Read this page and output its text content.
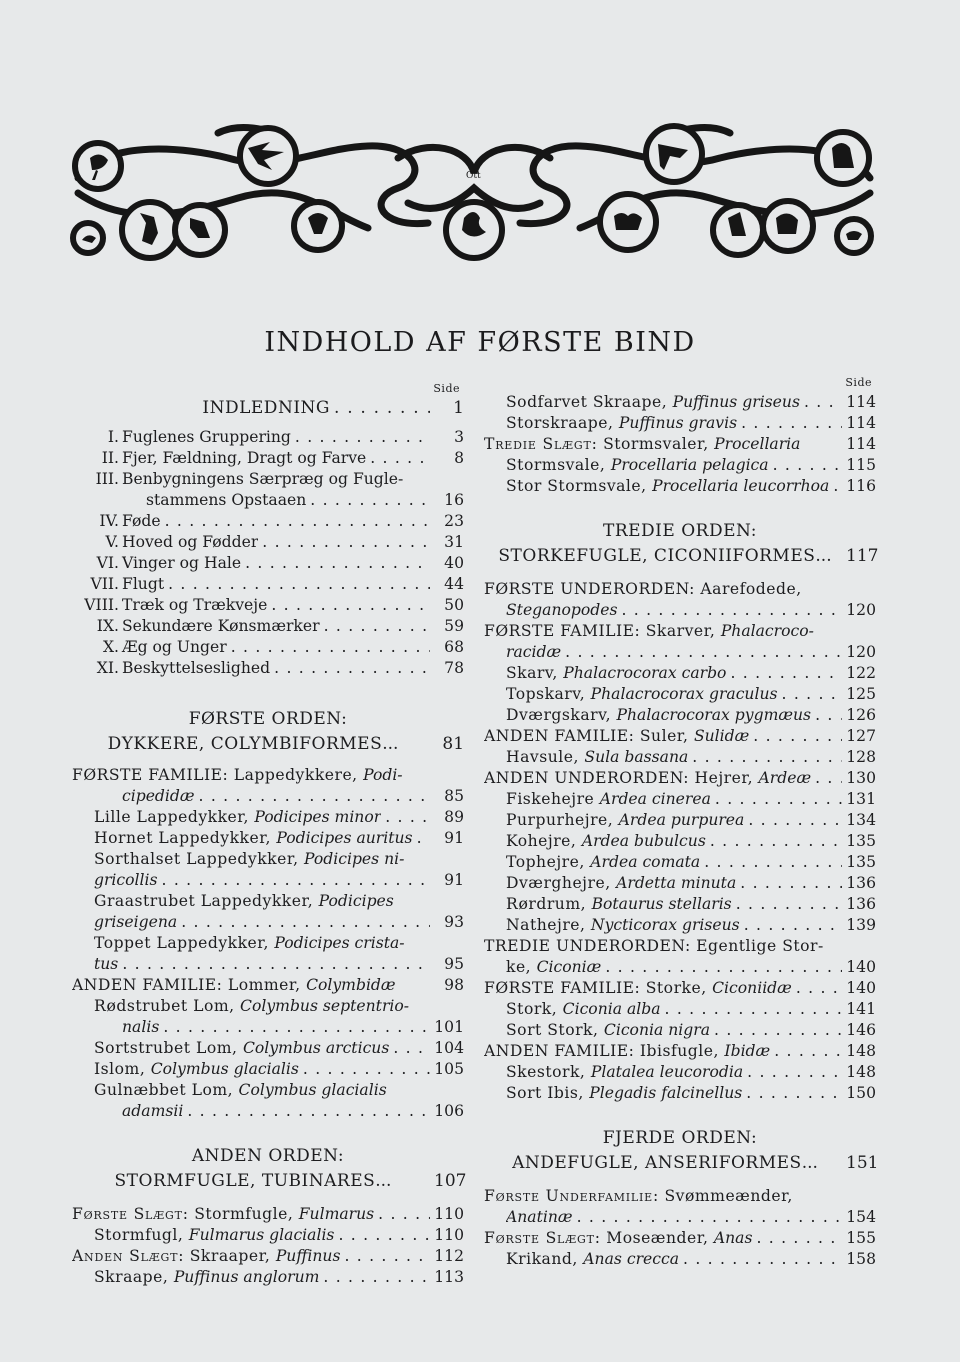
Ott
INDHOLD AF FØRSTE BIND
Side
INDLEDNING . . .	1
I. Fuglenes Gruppering . . .	3
II. Fjer, Fældning, Dragt og Farve . . .	8
III. Benbygningens Særpræg og Fugle-
stammens Opstaaen . . .	16
IV. Føde . . .	23
V. Hoved og Fødder . . .	31
VI. Vinger og Hale . . .	40
VII. Flugt . . .	44
VIII. Træk og Trækveje . . .	50
IX. Sekundære Kønsmærker . . .	59
X. Æg og Unger . . .	68
XI. Beskyttelseslighed . . .	78
FØRSTE ORDEN:
DYKKERE, COLYMBIFORMES ...	81
FØRSTE FAMILIE: Lappedykkere, Podi-
cipedidæ . . .	85
Lille Lappedykker, Podicipes minor . . .	89
Hornet Lappedykker, Podicipes auritus . . .	91
Sorthalset Lappedykker, Podicipes ni-
gricollis . . .	91
Graastrubet Lappedykker, Podicipes
griseigena . . .	93
Toppet Lappedykker, Podicipes crista-
tus . . .	95
ANDEN FAMILIE: Lommer, Colymbidæ	98
Rødstrubet Lom, Colymbus septentrio-
nalis . . .	101
Sortstrubet Lom, Colymbus arcticus . . .	104
Islom, Colymbus glacialis . . .	105
Gulnæbbet Lom, Colymbus glacialis
adamsii . . .	106
ANDEN ORDEN:
STORMFUGLE, TUBINARES ...	107
Første Slægt: Stormfugle, Fulmarus . . .	110
Stormfugl, Fulmarus glacialis . . .	110
Anden Slægt: Skraaper, Puffinus . . .	112
Skraape, Puffinus anglorum . . .	113
Side
Sodfarvet Skraape, Puffinus griseus . . .	114
Storskraape, Puffinus gravis . . .	114
Tredie Slægt: Stormsvaler, Procellaria	114
Stormsvale, Procellaria pelagica . . .	115
Stor Stormsvale, Procellaria leucorrhoa . . . 116
TREDIE ORDEN:
STORKEFUGLE, CICONIIFORMES ... 117
FØRSTE UNDERORDEN: Aarefodede,
Steganopodes . . .	120
FØRSTE FAMILIE: Skarver, Phalacroco-
racidæ . . .	120
Skarv, Phalacrocorax carbo . . .	122
Topskarv, Phalacrocorax graculus . . .	125
Dværgskarv, Phalacrocorax pygmæus . . . 126
ANDEN FAMILIE: Suler, Sulidæ . . .	127
Havsule, Sula bassana . . .	128
ANDEN UNDERORDEN: Hejrer, Ardeæ . . . 130
Fiskehejre Ardea cinerea . . .	131
Purpurhejre, Ardea purpurea . . .	134
Kohejre, Ardea bubulcus . . .	135
Tophejre, Ardea comata . . .	135
Dværghejre, Ardetta minuta . . .	136
Rørdrum, Botaurus stellaris . . .	136
Nathejre, Nycticorax griseus . . .	139
TREDIE UNDERORDEN: Egentlige Stor-
ke, Ciconiæ . . .	140
FØRSTE FAMILIE: Storke, Ciconiidæ . . .	140
Stork, Ciconia alba . . .	141
Sort Stork, Ciconia nigra . . .	146
ANDEN FAMILIE: Ibisfugle, Ibidæ . . .	148
Skestork, Platalea leucorodia . . .	148
Sort Ibis, Plegadis falcinellus . . .	150
FJERDE ORDEN:
ANDEFUGLE, ANSERIFORMES ... 151
Første Underfamilie: Svømmeænder,
Anatinæ . . .	154
Første Slægt: Moseænder, Anas . . .	155
Krikand, Anas crecca . . .	158
